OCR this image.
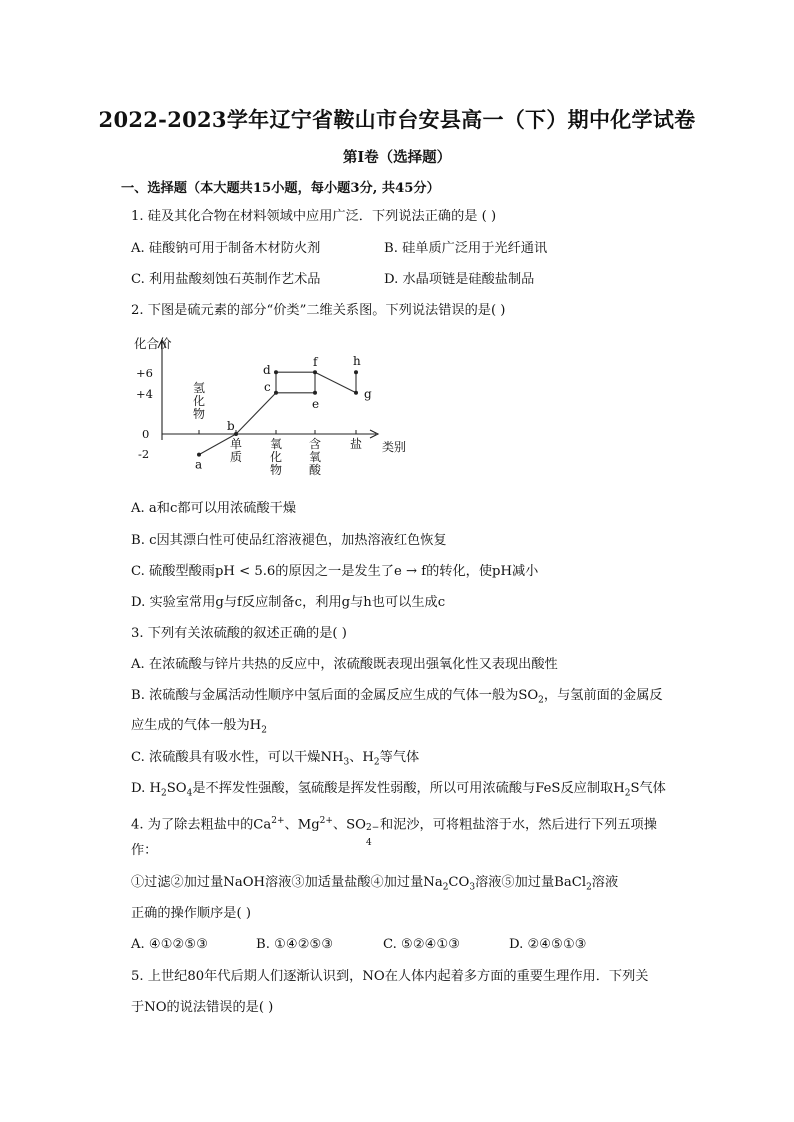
2022-2023学年辽宁省鞍山市台安县高一（下）期中化学试卷
第Ⅰ卷（选择题）
一、选择题（本大题共15小题，每小题3分, 共45分）
1. 硅及其化合物在材料领域中应用广泛．下列说法正确的是 ( )
A. 硅酸钠可用于制备木材防火剂	B. 硅单质广泛用于光纤通讯
C. 利用盐酸刻蚀石英制作艺术品	D. 水晶项链是硅酸盐制品
2. 下图是硫元素的部分“价类”二维关系图。下列说法错误的是( )
化合价
类别
+6
+4
0
-2
氢化物
单质
氧化物
含氧酸
盐
a
b
c
d
e
f
g
h
A. a和c都可以用浓硫酸干燥
B. c因其漂白性可使品红溶液褪色，加热溶液红色恢复
C. 硫酸型酸雨pH < 5.6的原因之一是发生了e → f的转化，使pH减小
D. 实验室常用g与f反应制备c，利用g与h也可以生成c
3. 下列有关浓硫酸的叙述正确的是( )
A. 在浓硫酸与锌片共热的反应中，浓硫酸既表现出强氧化性又表现出酸性
B. 浓硫酸与金属活动性顺序中氢后面的金属反应生成的气体一般为$SO_2$，与氢前面的金属反
应生成的气体一般为$H_2$
C. 浓硫酸具有吸水性，可以干燥$NH_3$、$H_2$等气体
D. $H_2SO_4$是不挥发性强酸，氢硫酸是挥发性弱酸，所以可用浓硫酸与FeS反应制取$H_2S$气体
4. 为了除去粗盐中的$Ca^{2+}$、$Mg^{2+}$、SO 2−
4
和泥沙，可将粗盐溶于水，然后进行下列五项操
作：
①过滤②加过量NaOH溶液③加适量盐酸④加过量$Na_2CO_3$溶液⑤加过量BaCl$_2$溶液
正确的操作顺序是( )
A. ④①②⑤③	B. ①④②⑤③	C. ⑤②④①③	D. ②④⑤①③
5. 上世纪80年代后期人们逐渐认识到，NO在人体内起着多方面的重要生理作用．下列关
于NO的说法错误的是( )
